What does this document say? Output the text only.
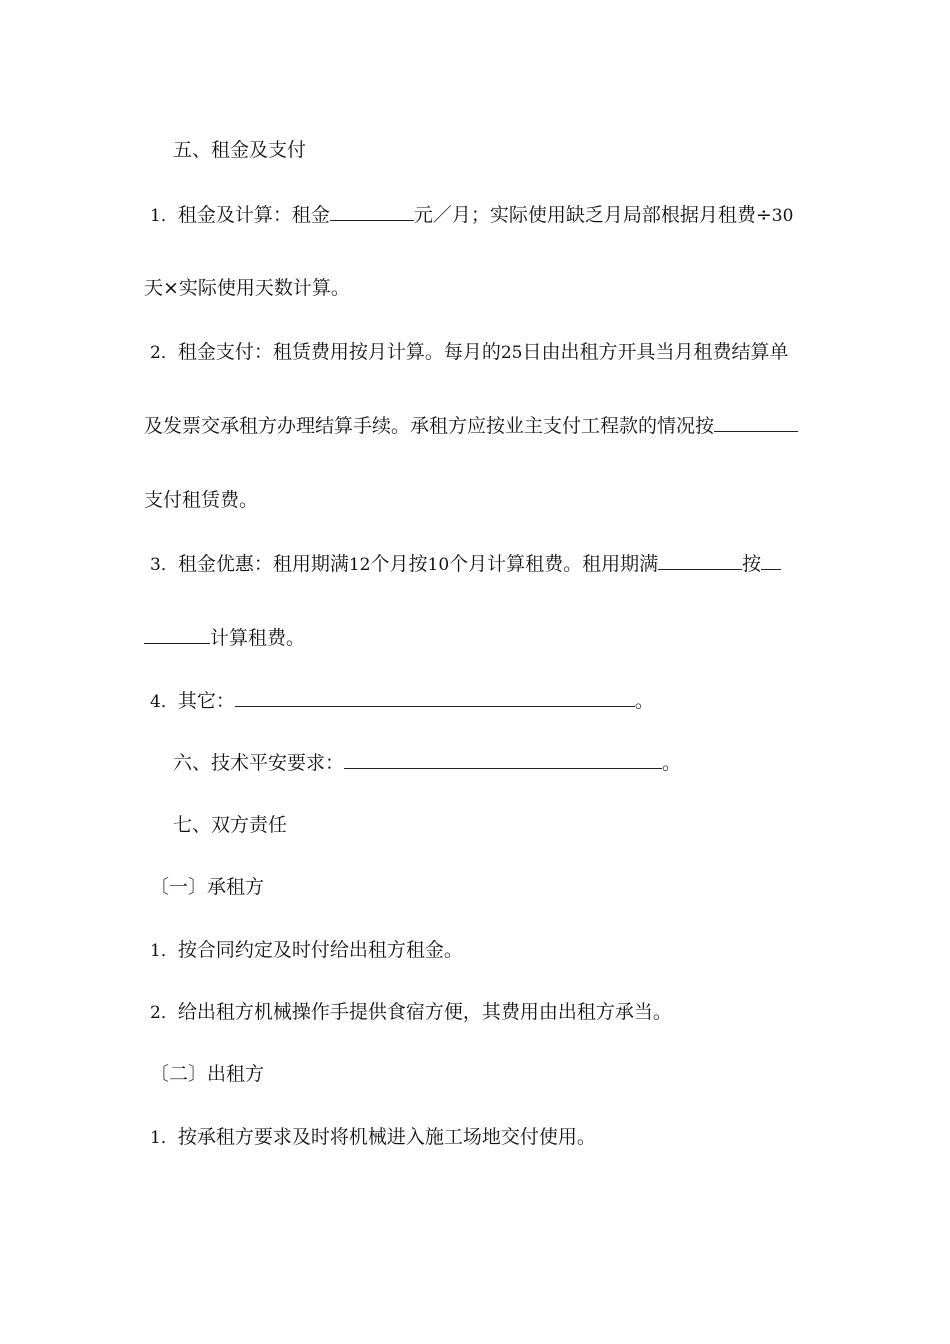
五、租金及支付
1．租金及计算：租金	元／月；实际使用缺乏月局部根据月租费÷30
天×实际使用天数计算。
2．租金支付：租赁费用按月计算。每月的25日由出租方开具当月租费结算单
及发票交承租方办理结算手续。承租方应按业主支付工程款的情况按
支付租赁费。
3．租金优惠：租用期满12个月按10个月计算租费。租用期满	按
计算租费。
4．其它：	。
六、技术平安要求：	。
七、双方责任
〔一〕承租方
1．按合同约定及时付给出租方租金。
2．给出租方机械操作手提供食宿方便，其费用由出租方承当。
〔二〕出租方
1．按承租方要求及时将机械进入施工场地交付使用。
